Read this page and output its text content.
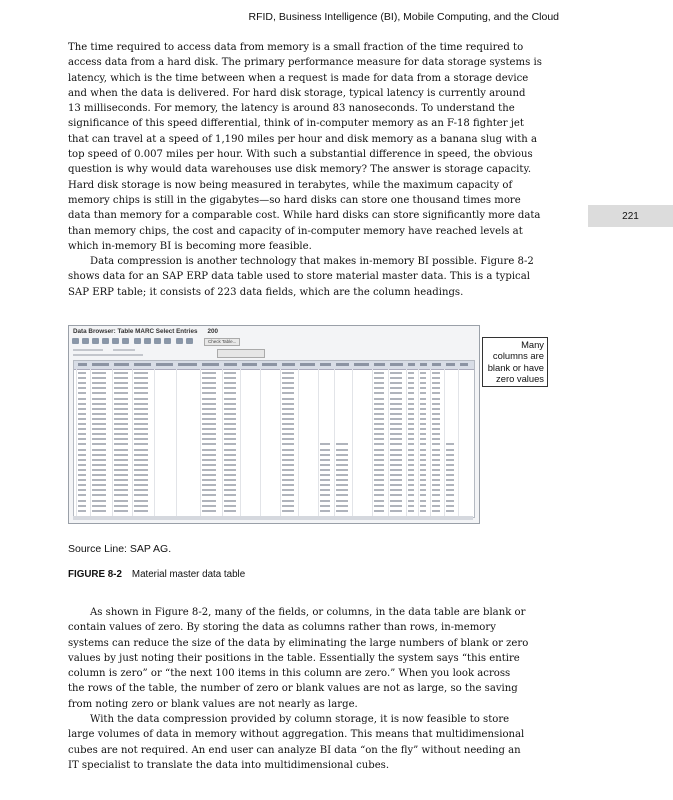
RFID, Business Intelligence (BI), Mobile Computing, and the Cloud
221

The time required to access data from memory is a small fraction of the time required to
access data from a hard disk. The primary performance measure for data storage systems is
latency, which is the time between when a request is made for data from a storage device
and when the data is delivered. For hard disk storage, typical latency is currently around
13 milliseconds. For memory, the latency is around 83 nanoseconds. To understand the
significance of this speed differential, think of in-computer memory as an F-18 fighter jet
that can travel at a speed of 1,190 miles per hour and disk memory as a banana slug with a
top speed of 0.007 miles per hour. With such a substantial difference in speed, the obvious
question is why would data warehouses use disk memory? The answer is storage capacity.
Hard disk storage is now being measured in terabytes, while the maximum capacity of
memory chips is still in the gigabytes—so hard disks can store one thousand times more
data than memory for a comparable cost. While hard disks can store significantly more data
than memory chips, the cost and capacity of in-computer memory have reached levels at
which in-memory BI is becoming more feasible.

Data compression is another technology that makes in-memory BI possible. Figure 8-2
shows data for an SAP ERP data table used to store material master data. This is a typical
SAP ERP table; it consists of 223 data fields, which are the column headings.

Data Browser: Table MARC Select Entries 200
Check Table...	Many
columns are
blank or have
zero values
Source Line: SAP AG.
FIGURE 8-2 Material master data table

As shown in Figure 8-2, many of the fields, or columns, in the data table are blank or
contain values of zero. By storing the data as columns rather than rows, in-memory
systems can reduce the size of the data by eliminating the large numbers of blank or zero
values by just noting their positions in the table. Essentially the system says “this entire
column is zero” or “the next 100 items in this column are zero.” When you look across
the rows of the table, the number of zero or blank values are not as large, so the saving
from noting zero or blank values are not nearly as large.

With the data compression provided by column storage, it is now feasible to store
large volumes of data in memory without aggregation. This means that multidimensional
cubes are not required. An end user can analyze BI data “on the fly” without needing an
IT specialist to translate the data into multidimensional cubes.
